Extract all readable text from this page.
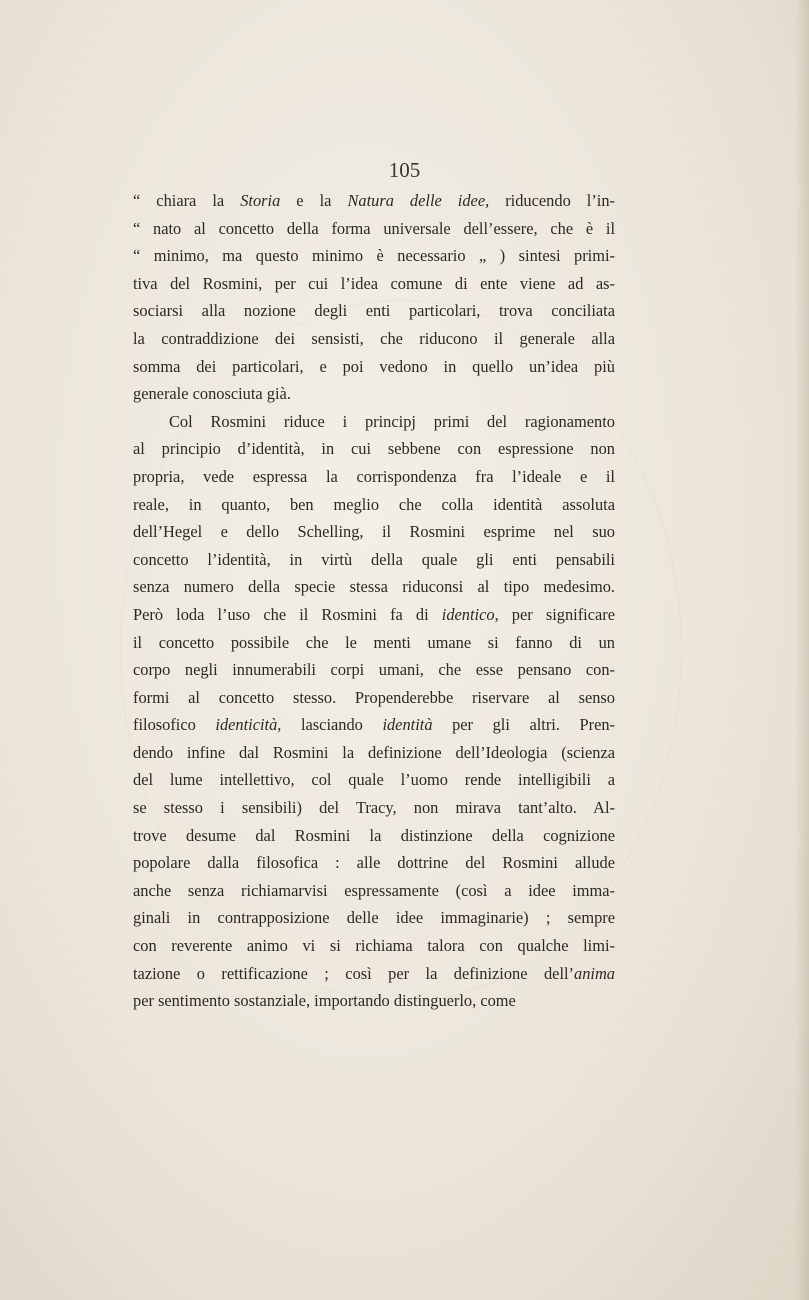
105
“ chiara la Storia e la Natura delle idee, riducendo l’in-
“ nato al concetto della forma universale dell’essere, che è il
“ minimo, ma questo minimo è necessario „ ) sintesi primi-
tiva del Rosmini, per cui l’idea comune di ente viene ad as-
sociarsi alla nozione degli enti particolari, trova conciliata
la contraddizione dei sensisti, che riducono il generale alla
somma dei particolari, e poi vedono in quello un’idea più
generale conosciuta già.
Col Rosmini riduce i principj primi del ragionamento
al principio d’identità, in cui sebbene con espressione non
propria, vede espressa la corrispondenza fra l’ideale e il
reale, in quanto, ben meglio che colla identità assoluta
dell’Hegel e dello Schelling, il Rosmini esprime nel suo
concetto l’identità, in virtù della quale gli enti pensabili
senza numero della specie stessa riduconsi al tipo medesimo.
Però loda l’uso che il Rosmini fa di identico, per significare
il concetto possibile che le menti umane si fanno di un
corpo negli innumerabili corpi umani, che esse pensano con-
formi al concetto stesso. Propenderebbe riservare al senso
filosofico identicità, lasciando identità per gli altri. Pren-
dendo infine dal Rosmini la definizione dell’Ideologia (scienza
del lume intellettivo, col quale l’uomo rende intelligibili a
se stesso i sensibili) del Tracy, non mirava tant’alto. Al-
trove desume dal Rosmini la distinzione della cognizione
popolare dalla filosofica : alle dottrine del Rosmini allude
anche senza richiamarvisi espressamente (così a idee imma-
ginali in contrapposizione delle idee immaginarie) ; sempre
con reverente animo vi si richiama talora con qualche limi-
tazione o rettificazione ; così per la definizione dell’anima
per sentimento sostanziale, importando distinguerlo, come
